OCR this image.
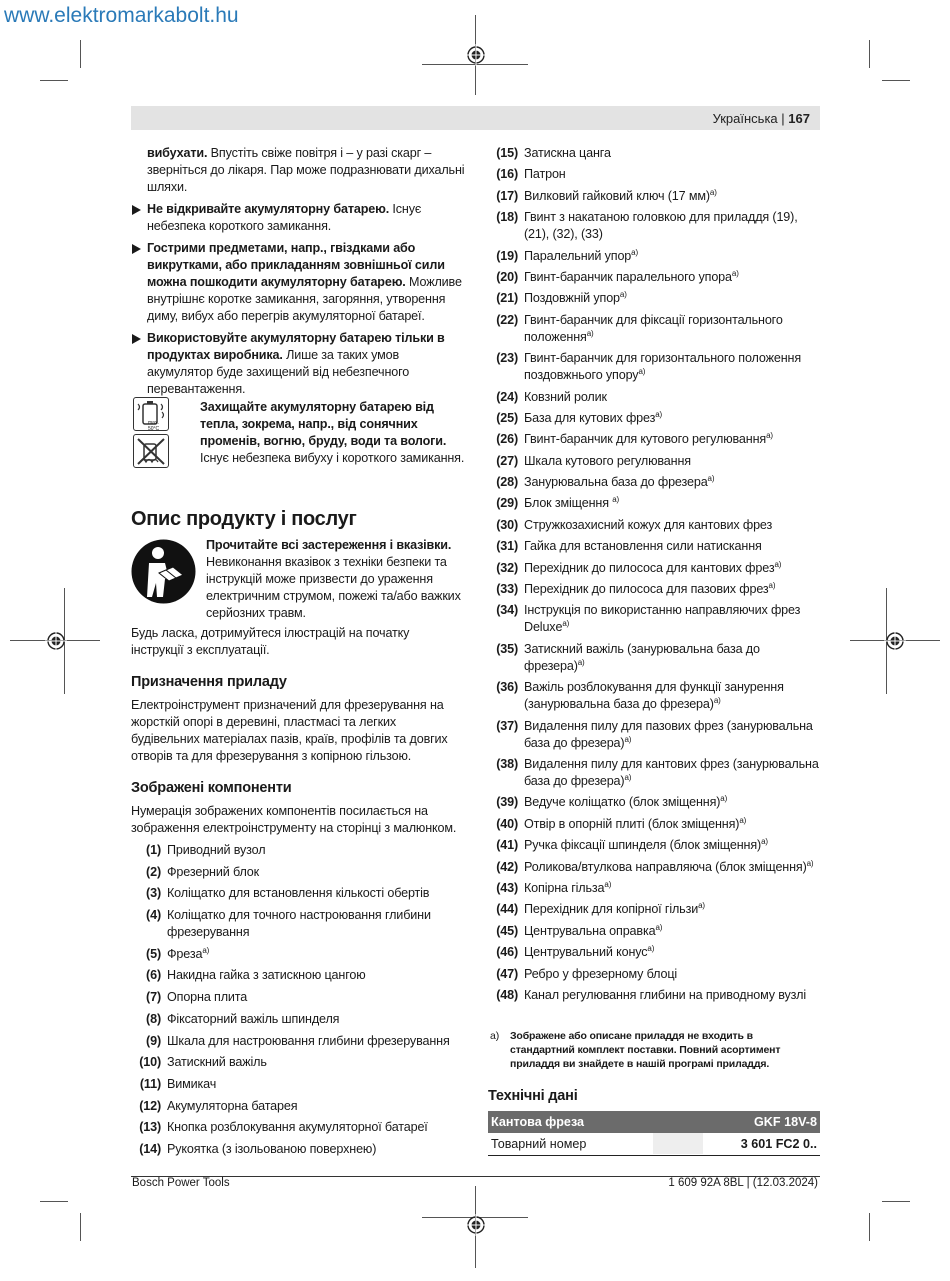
www.elektromarkabolt.hu
Українська | 167

вибухати. Впустіть свіже повітря і – у разі скарг – зверніться до лікаря. Пар може подразнювати дихальні шляхи.

Не відкривайте акумуляторну батарею. Існує небезпека короткого замикання.

Гострими предметами, напр., гвіздками або викрутками, або прикладанням зовнішньої сили можна пошкодити акумуляторну батарею. Можливе внутрішнє коротке замикання, загоряння, утворення диму, вибух або перегрів акумуляторної батареї.

Використовуйте акумуляторну батарею тільки в продуктах виробника. Лише за таких умов акумулятор буде захищений від небезпечного перевантаження.

max. 50°C

Захищайте акумуляторну батарею від тепла, зокрема, напр., від сонячних променів, вогню, бруду, води та вологи. Існує небезпека вибуху і короткого замикання.

Опис продукту і послуг

Прочитайте всі застереження і вказівки. Невиконання вказівок з техніки безпеки та інструкцій може призвести до ураження електричним струмом, пожежі та/або важких серйозних травм.

Будь ласка, дотримуйтеся ілюстрацій на початку інструкції з експлуатації.

Призначення приладу

Електроінструмент призначений для фрезерування на жорсткій опорі в деревині, пластмасі та легких будівельних матеріалах пазів, країв, профілів та довгих отворів та для фрезерування з копірною гільзою.

Зображені компоненти

Нумерація зображених компонентів посилається на зображення електроінструменту на сторінці з малюнком.

(1) Приводний вузол

(2) Фрезерний блок

(3) Коліщатко для встановлення кількості обертів

(4) Коліщатко для точного настроювання глибини фрезерування

(5) Фреза$^{a)}$

(6) Накидна гайка з затискною цангою

(7) Опорна плита

(8) Фіксаторний важіль шпинделя

(9) Шкала для настроювання глибини фрезерування

(10) Затискний важіль

(11) Вимикач

(12) Акумуляторна батарея

(13) Кнопка розблокування акумуляторної батареї

(14) Рукоятка (з ізольованою поверхнею)

(15) Затискна цанга

(16) Патрон

(17) Вилковий гайковий ключ (17 мм)$^{a)}$

(18) Гвинт з накатаною головкою для приладдя (19), (21), (32), (33)

(19) Паралельний упор$^{a)}$

(20) Гвинт-баранчик паралельного упора$^{a)}$

(21) Поздовжній упор$^{a)}$

(22) Гвинт-баранчик для фіксації горизонтального положення$^{a)}$

(23) Гвинт-баранчик для горизонтального положення поздовжнього упору$^{a)}$

(24) Ковзний ролик

(25) База для кутових фрез$^{a)}$

(26) Гвинт-баранчик для кутового регулювання$^{a)}$

(27) Шкала кутового регулювання

(28) Занурювальна база до фрезера$^{a)}$

(29) Блок зміщення $^{a)}$

(30) Стружкозахисний кожух для кантових фрез

(31) Гайка для встановлення сили натискання

(32) Перехідник до пилососа для кантових фрез$^{a)}$

(33) Перехідник до пилососа для пазових фрез$^{a)}$

(34) Інструкція по використанню направляючих фрез Deluxe$^{a)}$

(35) Затискний важіль (занурювальна база до фрезера)$^{a)}$

(36) Важіль розблокування для функції занурення (занурювальна база до фрезера)$^{a)}$

(37) Видалення пилу для пазових фрез (занурювальна база до фрезера)$^{a)}$

(38) Видалення пилу для кантових фрез (занурювальна база до фрезера)$^{a)}$

(39) Ведуче коліщатко (блок зміщення)$^{a)}$

(40) Отвір в опорній плиті (блок зміщення)$^{a)}$

(41) Ручка фіксації шпинделя (блок зміщення)$^{a)}$

(42) Роликова/втулкова направляюча (блок зміщення)$^{a)}$

(43) Копірна гільза$^{a)}$

(44) Перехідник для копірної гільзи$^{a)}$

(45) Центрувальна оправка$^{a)}$

(46) Центрувальний конус$^{a)}$

(47) Ребро у фрезерному блоці

(48) Канал регулювання глибини на приводному вузлі

a) Зображене або описане приладдя не входить в стандартний комплект поставки. Повний асортимент приладдя ви знайдете в нашій програмі приладдя.

Технічні дані
Кантова фреза	GKF 18V-8
Товарний номер	3 601 FC2 0..
Bosch Power Tools	1 609 92A 8BL | (12.03.2024)
